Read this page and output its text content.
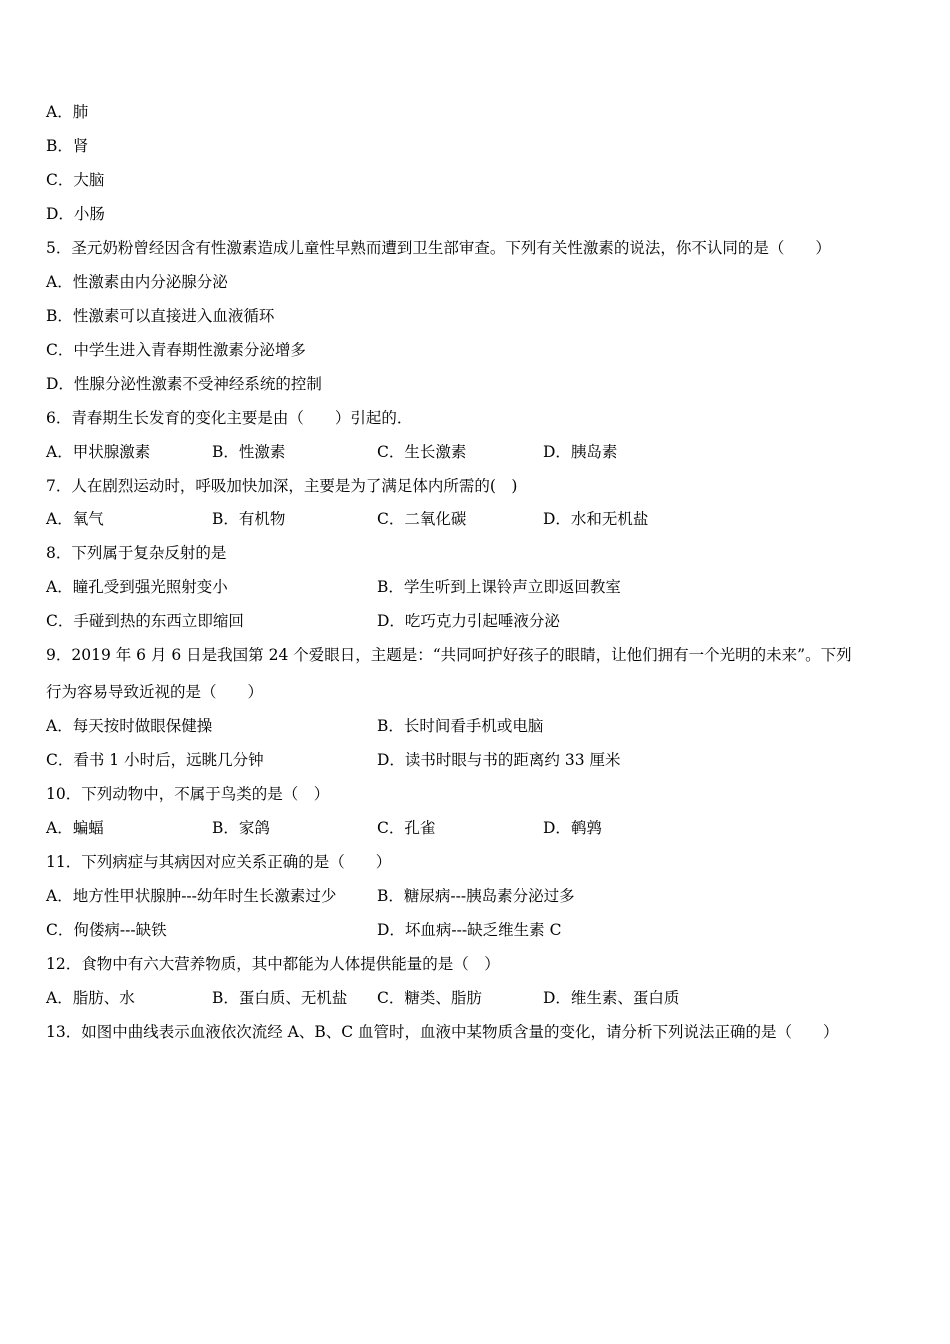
A．肺
B．肾
C．大脑
D．小肠
5．圣元奶粉曾经因含有性激素造成儿童性早熟而遭到卫生部审查。下列有关性激素的说法，你不认同的是（　　）
A．性激素由内分泌腺分泌
B．性激素可以直接进入血液循环
C．中学生进入青春期性激素分泌增多
D．性腺分泌性激素不受神经系统的控制
6．青春期生长发育的变化主要是由（　　）引起的．
A．甲状腺激素	B．性激素	C．生长激素	D．胰岛素
7．人在剧烈运动时，呼吸加快加深，主要是为了满足体内所需的(　)
A．氧气	B．有机物	C．二氧化碳	D．水和无机盐
8．下列属于复杂反射的是
A．瞳孔受到强光照射变小	B．学生听到上课铃声立即返回教室
C．手碰到热的东西立即缩回	D．吃巧克力引起唾液分泌
9．2019 年 6 月 6 日是我国第 24 个爱眼日，主题是：“共同呵护好孩子的眼睛，让他们拥有一个光明的未来”。下列
行为容易导致近视的是（　　）
A．每天按时做眼保健操	B．长时间看手机或电脑
C．看书 1 小时后，远眺几分钟	D．读书时眼与书的距离约 33 厘米
10．下列动物中，不属于鸟类的是（　）
A．蝙蝠	B．家鸽	C．孔雀	D．鹌鹑
11．下列病症与其病因对应关系正确的是（　　）
A．地方性甲状腺肿---幼年时生长激素过少	B．糖尿病---胰岛素分泌过多
C．佝偻病---缺铁	D．坏血病---缺乏维生素 C
12．食物中有六大营养物质，其中都能为人体提供能量的是（　）
A．脂肪、水	B．蛋白质、无机盐 C．糖类、脂肪	D．维生素、蛋白质
13．如图中曲线表示血液依次流经 A、B、C 血管时，血液中某物质含量的变化，请分析下列说法正确的是（　　）
